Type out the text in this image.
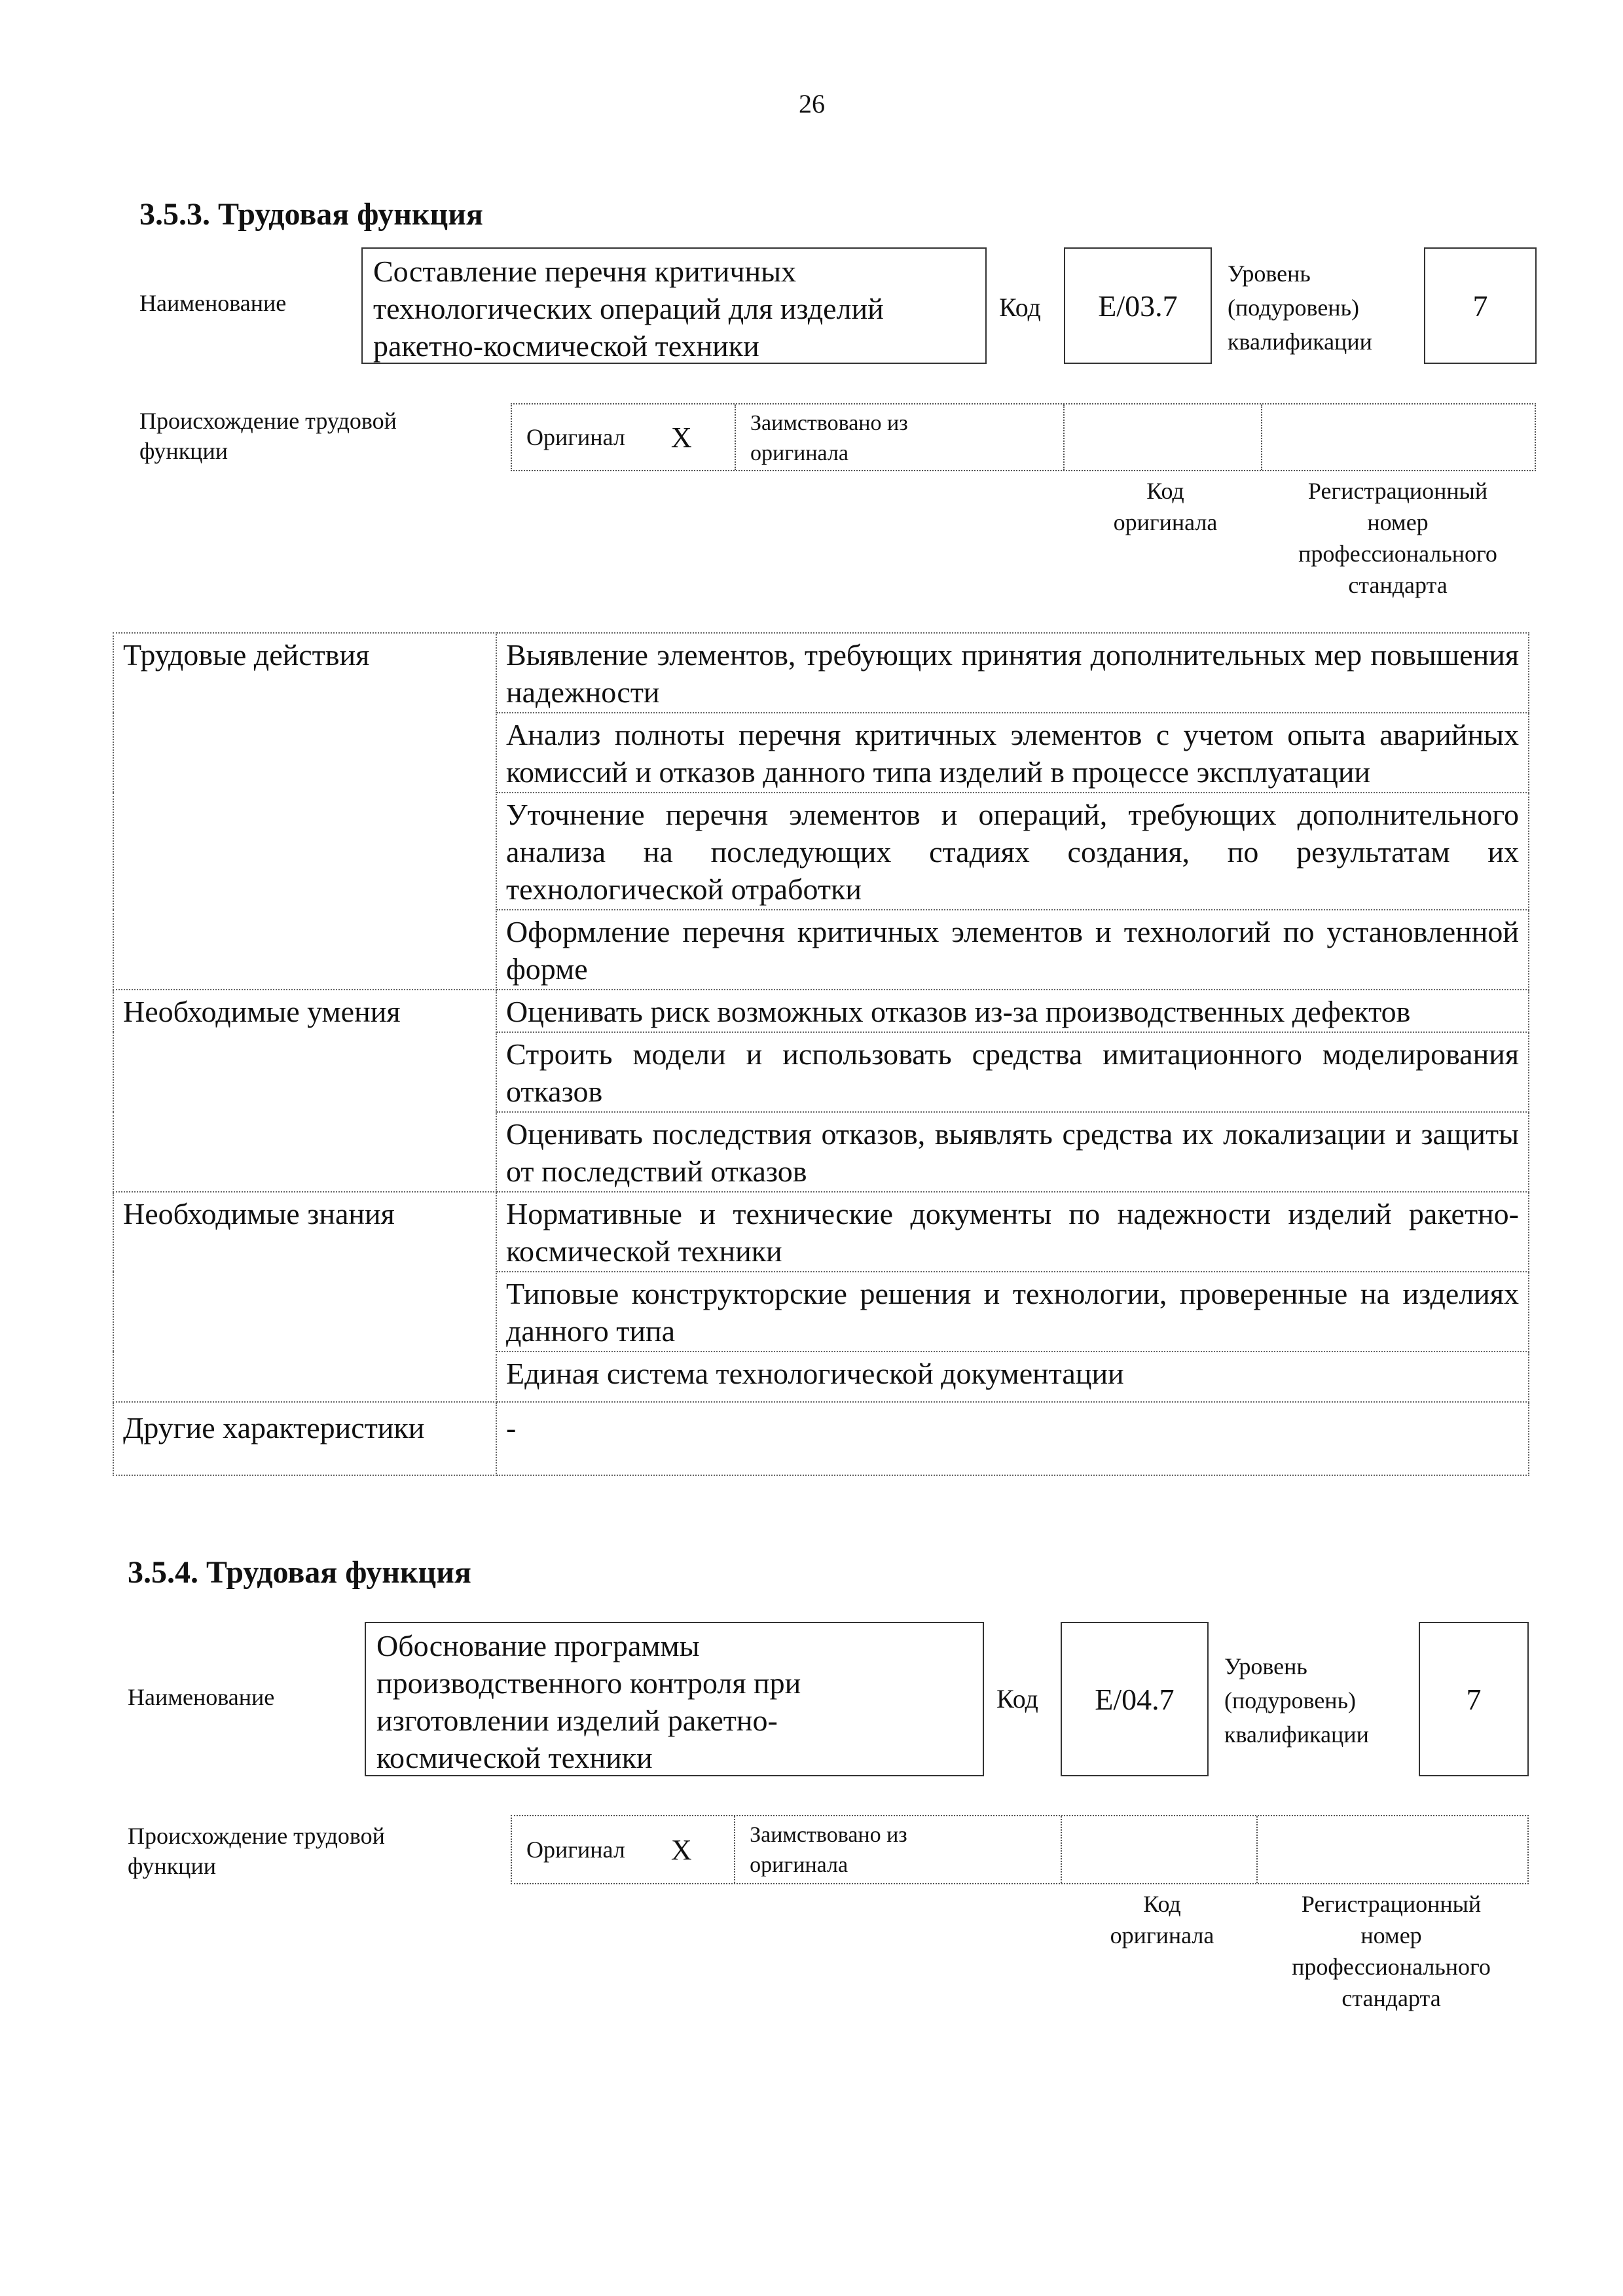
26
3.5.3. Трудовая функция
Наименование
Составление перечня критичных
технологических операций для изделий
ракетно-космической техники
Код E/03.7
Уровень
(подуровень)
квалификации
7
Происхождение трудовой
функции
Оригинал X	Заимствовано из
оригинала
Код
оригинала
Регистрационный
номер
профессионального
стандарта
Трудовые действия	Выявление элементов, требующих принятия дополнительных мер повышения надежности
	Анализ полноты перечня критичных элементов с учетом опыта аварийных комиссий и отказов данного типа изделий в процессе эксплуатации
	Уточнение перечня элементов и операций, требующих дополнительного анализа на последующих стадиях создания, по результатам их технологической отработки
	Оформление перечня критичных элементов и технологий по установленной форме
Необходимые умения	Оценивать риск возможных отказов из-за производственных дефектов
	Строить модели и использовать средства имитационного моделирования отказов
	Оценивать последствия отказов, выявлять средства их локализации и защиты от последствий отказов
Необходимые знания	Нормативные и технические документы по надежности изделий ракетно-космической техники
	Типовые конструкторские решения и технологии, проверенные на изделиях данного типа
	Единая система технологической документации
Другие характеристики	-
3.5.4. Трудовая функция
Наименование
Обоснование программы
производственного контроля при
изготовлении изделий ракетно-
космической техники
Код E/04.7
Уровень
(подуровень)
квалификации
7
Происхождение трудовой
функции
Оригинал X	Заимствовано из
оригинала
Код
оригинала
Регистрационный
номер
профессионального
стандарта
